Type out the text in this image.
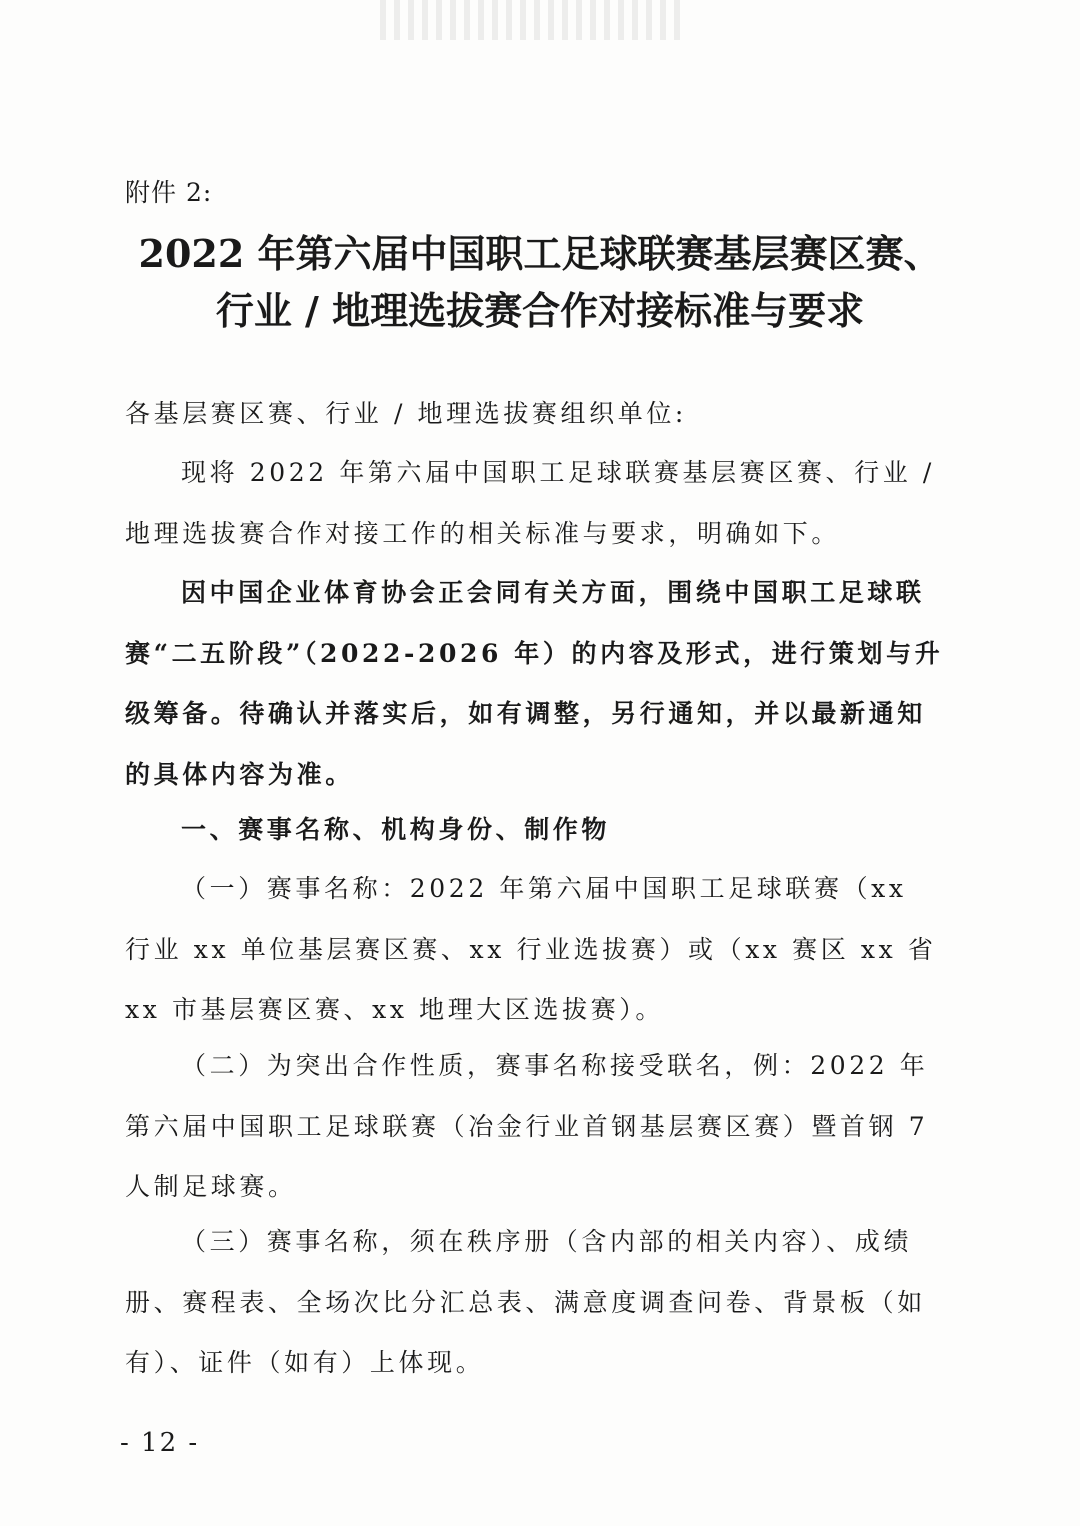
附件 2:
2022 年第六届中国职工足球联赛基层赛区赛、
行业 / 地理选拔赛合作对接标准与要求

各基层赛区赛、行业 / 地理选拔赛组织单位:

现将 2022 年第六届中国职工足球联赛基层赛区赛、行业 / 地理选拔赛合作对接工作的相关标准与要求，明确如下。

因中国企业体育协会正会同有关方面，围绕中国职工足球联赛“二五阶段”（2022-2026 年）的内容及形式，进行策划与升级筹备。待确认并落实后，如有调整，另行通知，并以最新通知的具体内容为准。

一、赛事名称、机构身份、制作物

（一）赛事名称：2022 年第六届中国职工足球联赛（xx 行业 xx 单位基层赛区赛、xx 行业选拔赛）或（xx 赛区 xx 省 xx 市基层赛区赛、xx 地理大区选拔赛）。

（二）为突出合作性质，赛事名称接受联名，例：2022 年第六届中国职工足球联赛（冶金行业首钢基层赛区赛）暨首钢 7 人制足球赛。

（三）赛事名称，须在秩序册（含内部的相关内容）、成绩册、赛程表、全场次比分汇总表、满意度调查问卷、背景板（如有）、证件（如有）上体现。

- 12 -
